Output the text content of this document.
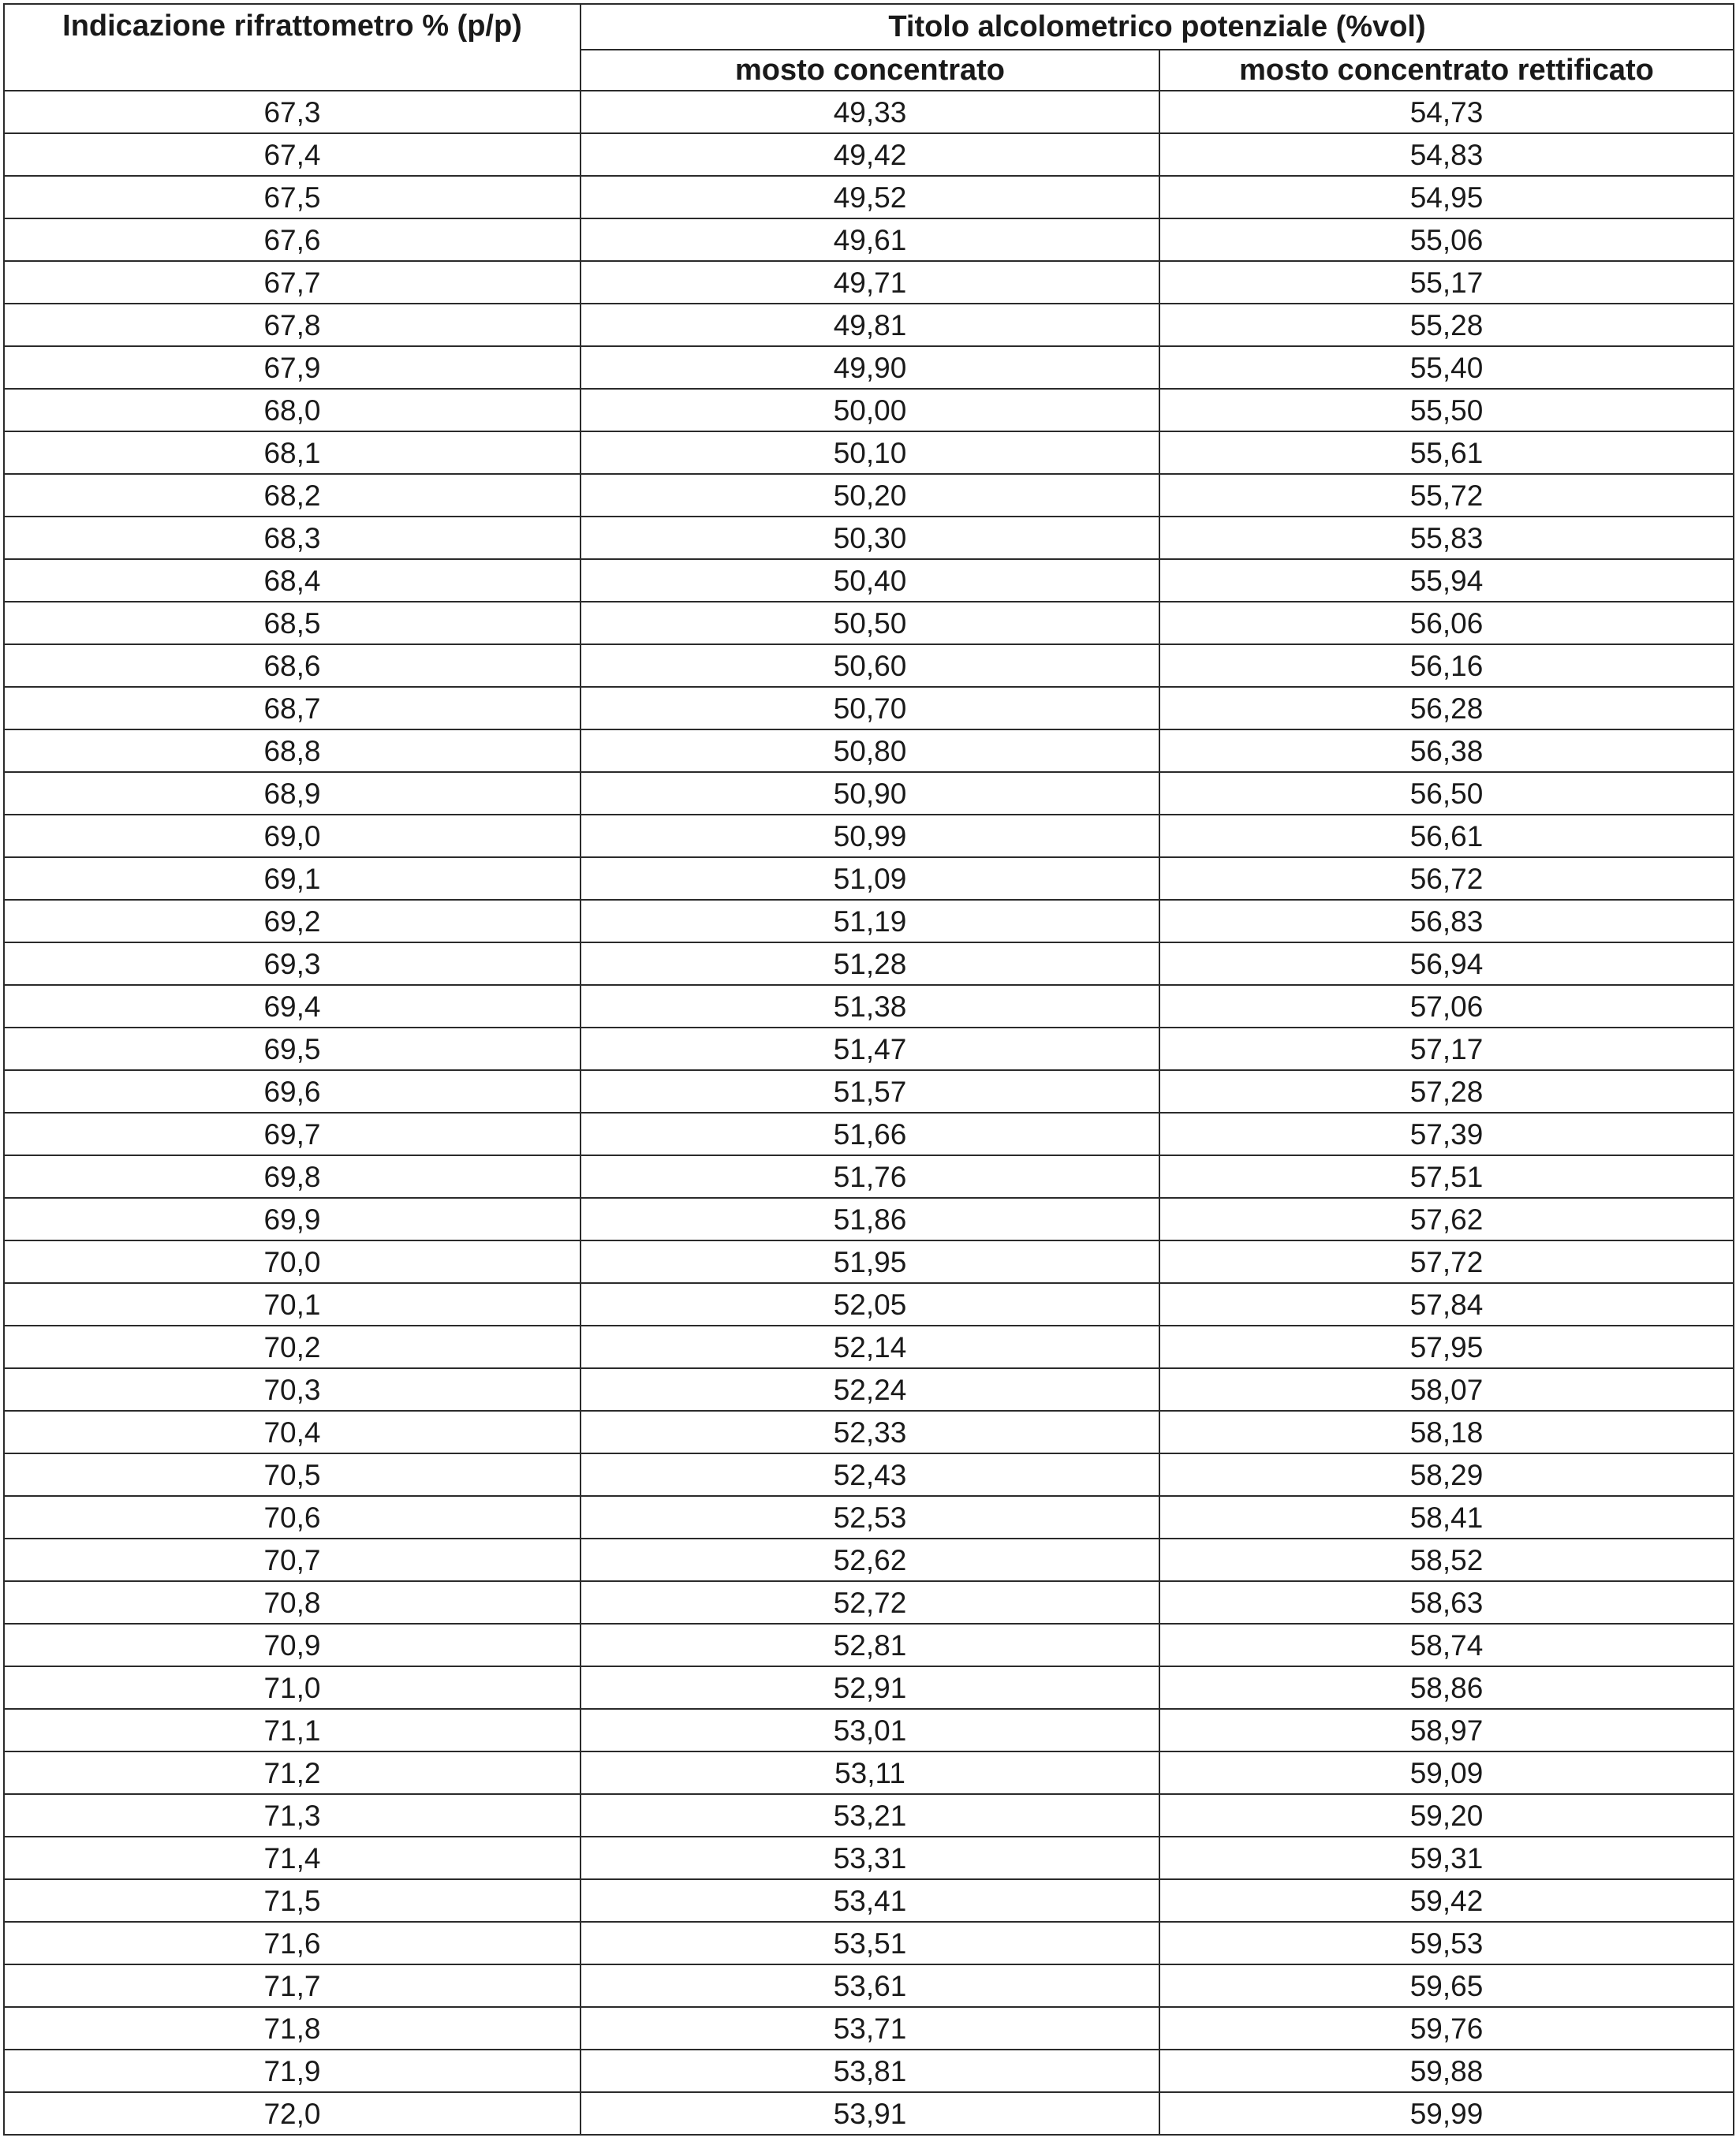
Indicazione rifrattometro % (p/p)	Titolo alcolometrico potenziale (%vol)	
	mosto concentrato	mosto concentrato rettificato
67,3	49,33	54,73
67,4	49,42	54,83
67,5	49,52	54,95
67,6	49,61	55,06
67,7	49,71	55,17
67,8	49,81	55,28
67,9	49,90	55,40
68,0	50,00	55,50
68,1	50,10	55,61
68,2	50,20	55,72
68,3	50,30	55,83
68,4	50,40	55,94
68,5	50,50	56,06
68,6	50,60	56,16
68,7	50,70	56,28
68,8	50,80	56,38
68,9	50,90	56,50
69,0	50,99	56,61
69,1	51,09	56,72
69,2	51,19	56,83
69,3	51,28	56,94
69,4	51,38	57,06
69,5	51,47	57,17
69,6	51,57	57,28
69,7	51,66	57,39
69,8	51,76	57,51
69,9	51,86	57,62
70,0	51,95	57,72
70,1	52,05	57,84
70,2	52,14	57,95
70,3	52,24	58,07
70,4	52,33	58,18
70,5	52,43	58,29
70,6	52,53	58,41
70,7	52,62	58,52
70,8	52,72	58,63
70,9	52,81	58,74
71,0	52,91	58,86
71,1	53,01	58,97
71,2	53,11	59,09
71,3	53,21	59,20
71,4	53,31	59,31
71,5	53,41	59,42
71,6	53,51	59,53
71,7	53,61	59,65
71,8	53,71	59,76
71,9	53,81	59,88
72,0	53,91	59,99
